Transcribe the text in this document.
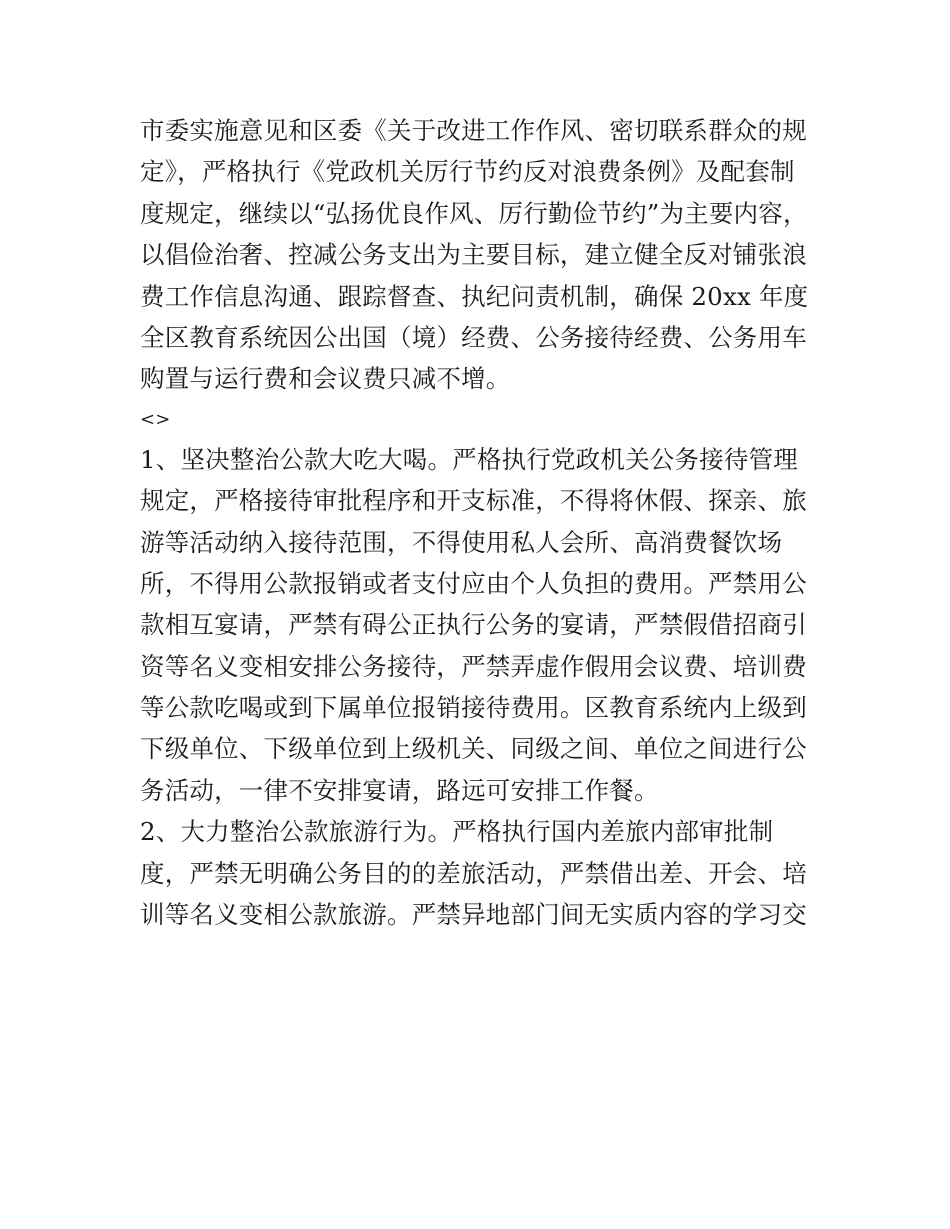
市委实施意见和区委《关于改进工作作风、密切联系群众的规
定》，严格执行《党政机关厉行节约反对浪费条例》及配套制
度规定，继续以“弘扬优良作风、厉行勤俭节约”为主要内容，
以倡俭治奢、控减公务支出为主要目标，建立健全反对铺张浪
费工作信息沟通、跟踪督查、执纪问责机制，确保 20xx 年度
全区教育系统因公出国（境）经费、公务接待经费、公务用车
购置与运行费和会议费只减不增。
<>
1、坚决整治公款大吃大喝。严格执行党政机关公务接待管理
规定，严格接待审批程序和开支标准，不得将休假、探亲、旅
游等活动纳入接待范围，不得使用私人会所、高消费餐饮场
所，不得用公款报销或者支付应由个人负担的费用。严禁用公
款相互宴请，严禁有碍公正执行公务的宴请，严禁假借招商引
资等名义变相安排公务接待，严禁弄虚作假用会议费、培训费
等公款吃喝或到下属单位报销接待费用。区教育系统内上级到
下级单位、下级单位到上级机关、同级之间、单位之间进行公
务活动，一律不安排宴请，路远可安排工作餐。
2、大力整治公款旅游行为。严格执行国内差旅内部审批制
度，严禁无明确公务目的的差旅活动，严禁借出差、开会、培
训等名义变相公款旅游。严禁异地部门间无实质内容的学习交
